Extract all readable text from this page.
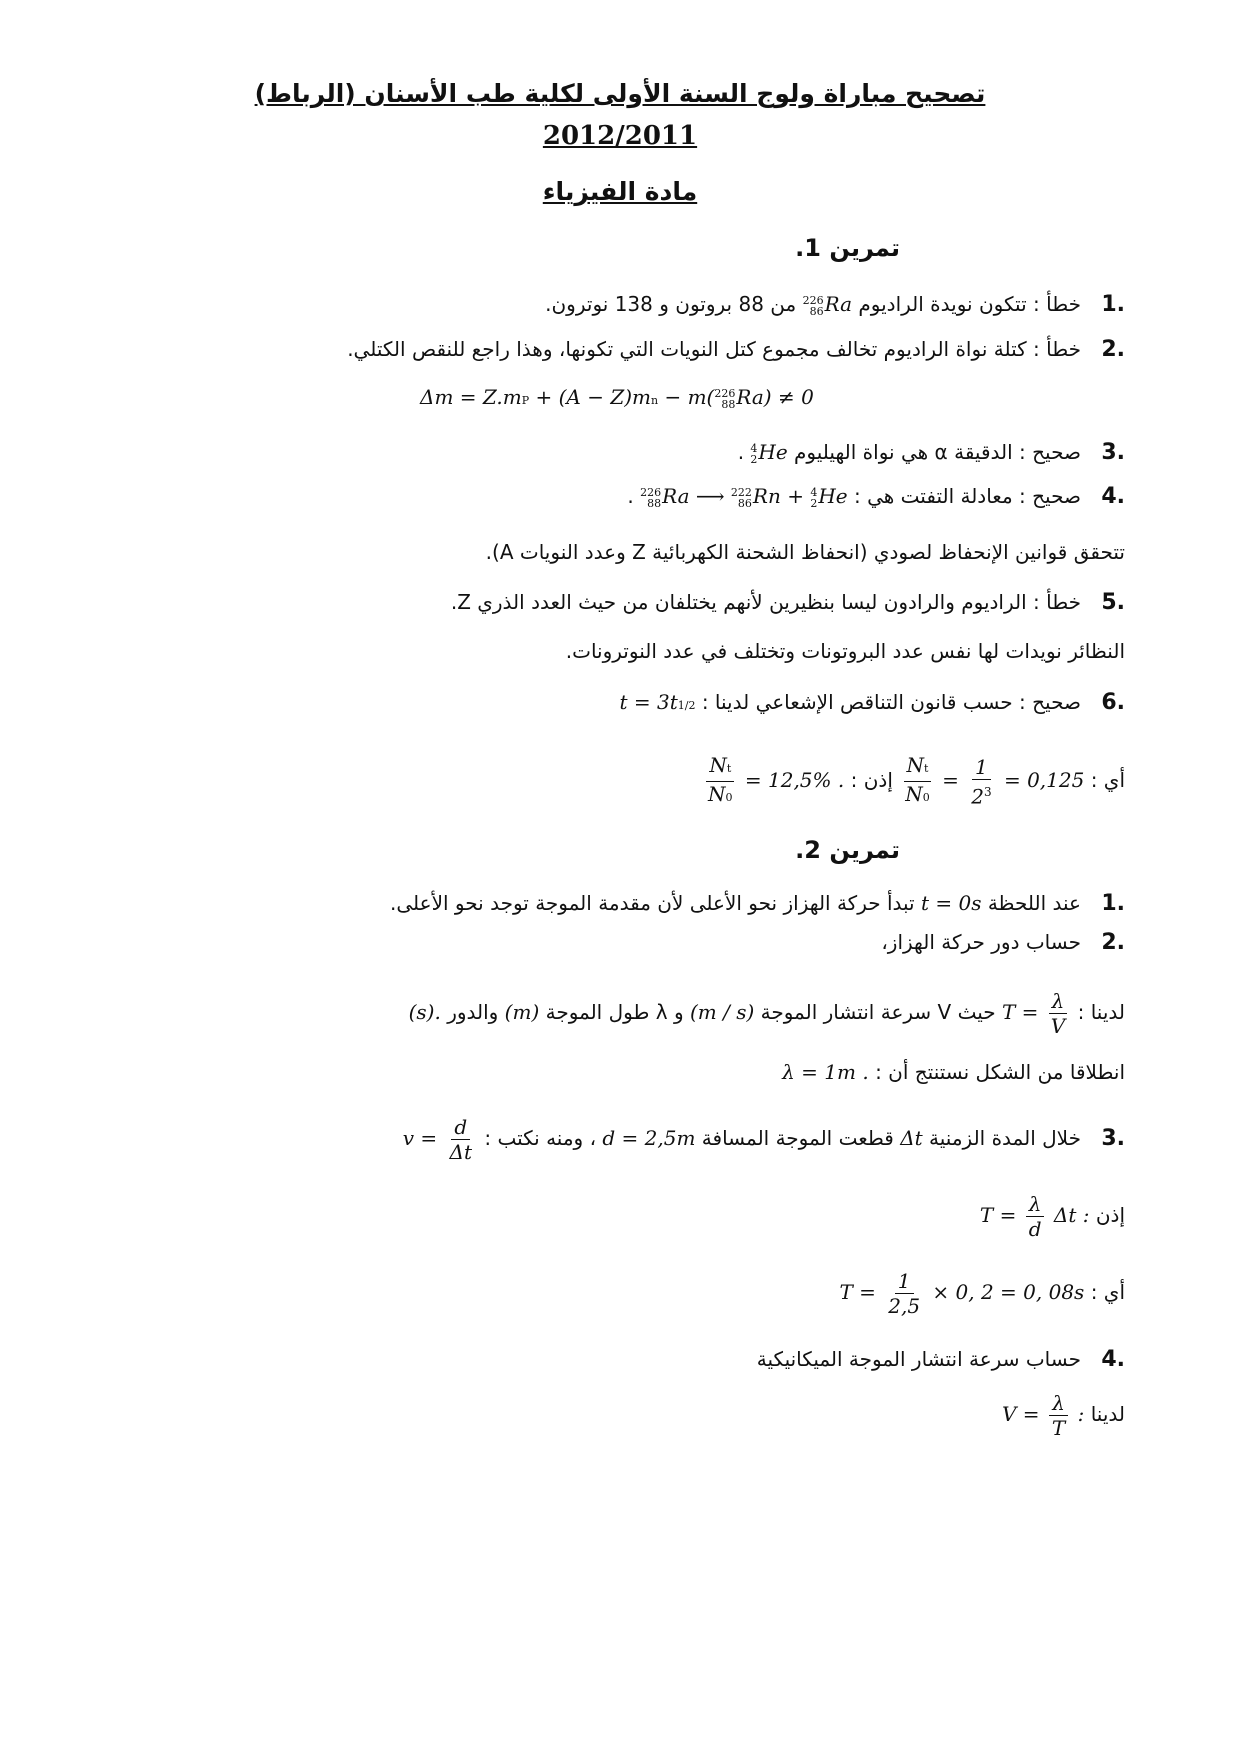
تصحيح مباراة ولوج السنة الأولى لكلية طب الأسنان (الرباط)
2012/2011
مادة الفيزياء
تمرين 1.
1. خطأ : تتكون نويدة الراديوم
226
86 Ra من 88 بروتون و 138 نوترون.
2. خطأ : كتلة نواة الراديوم تخالف مجموع كتل النويات التي تكونها، وهذا راجع للنقص الكتلي.
Δm = Z.mP + (A − Z)mn − m( 226
88 Ra) ≠ 0
3. صحيح : الدقيقة α هي نواة الهيليوم
4
2 He .
4. صحيح : معادلة التفتت هي :
226
88 Ra ⟶ 222
86 Rn + 4
2 He .
تتحقق قوانين الإنحفاظ لصودي (انحفاظ الشحنة الكهربائية Z وعدد النويات A).
5. خطأ : الراديوم والرادون ليسا بنظيرين لأنهم يختلفان من حيث العدد الذري Z.
النظائر نويدات لها نفس عدد البروتونات وتختلف في عدد النوترونات.
6. صحيح : حسب قانون التناقص الإشعاعي لدينا : t = 3t1/2
أي :
$\frac{Nt}{N0} = \frac{1}{2^3} = 0,125$ إذن :
$\frac{Nt}{N0} = 12,5\%$ .
تمرين 2.
1. عند اللحظة t = 0s تبدأ حركة الهزاز نحو الأعلى لأن مقدمة الموجة توجد نحو الأعلى.
2. حساب دور حركة الهزاز،
لدينا : $T = \frac{\lambda}{V}$
حيث V سرعة انتشار الموجة (m / s) و λ طول الموجة (m) والدور (s).
انطلاقا من الشكل نستنتج أن : λ = 1m .
3. خلال المدة الزمنية Δt قطعت الموجة المسافة d = 2,5m ، ومنه نكتب : $v = \frac{d}{\Delta t}$
إذن $T = \frac{\lambda}{d}$ Δt :
أي : $T = \frac{1}{2,5} \times 0$, 2 = 0, 08s
4. حساب سرعة انتشار الموجة الميكانيكية
لدينا $V = \frac{\lambda}{T}$ :
